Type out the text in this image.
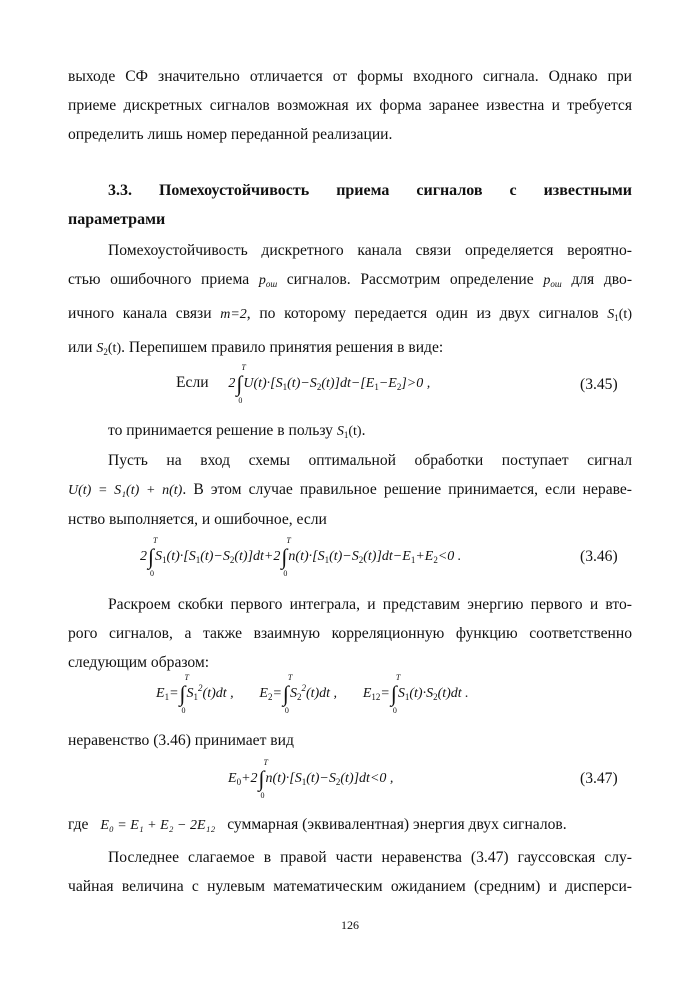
выходе СФ значительно отличается от формы входного сигнала. Однако при
приеме дискретных сигналов возможная их форма заранее известна и требуется
определить лишь номер переданной реализации.
3.3. Помехоустойчивость приема сигналов с известными
параметрами
Помехоустойчивость дискретного канала связи определяется вероятно-
стью ошибочного приема $p_{ош}$ сигналов. Рассмотрим определение $p_{ош}$ для дво-
ичного канала связи m=2, по которому передается один из двух сигналов $S_1(t)$
или $S_2(t)$. Перепишем правило принятия решения в виде:
Если 2∫
T
0
$U(t)\cdot[S_1(t)-S_2(t)]dt-[E_1-E_2]>0$ ,	(3.45)
то принимается решение в пользу $S_1(t)$.
Пусть на вход схемы оптимальной обработки поступает сигнал
U(t) = S₁(t) + n(t). В этом случае правильное решение принимается, если нераве-
нство выполняется, и ошибочное, если
2∫
T
0
$S_1(t)\cdot[S_1(t)-S_2(t)]dt+2\int$
T
0
$n(t)\cdot[S_1(t)-S_2(t)]dt-E_1+E_2<0$ .	(3.46)
Раскроем скобки первого интеграла, и представим энергию первого и вто-
рого сигналов, а также взаимную корреляционную функцию соответственно
следующим образом:
$E_1=\int$
T
0
$S_1^2(t)dt$ , $E_2=\int$
T
0
$S_2^2(t)dt$ , $E_{12}=\int$
T
0
$S_1(t)\cdot S_2(t)dt$ .
неравенство (3.46) принимает вид
$E_0+2\int$
T
0
$n(t)\cdot[S_1(t)-S_2(t)]dt<0$ ,	(3.47)
где E₀ = E₁ + E₂ − 2E₁₂ суммарная (эквивалентная) энергия двух сигналов.
Последнее слагаемое в правой части неравенства (3.47) гауссовская слу-
чайная величина с нулевым математическим ожиданием (средним) и дисперси-
126
